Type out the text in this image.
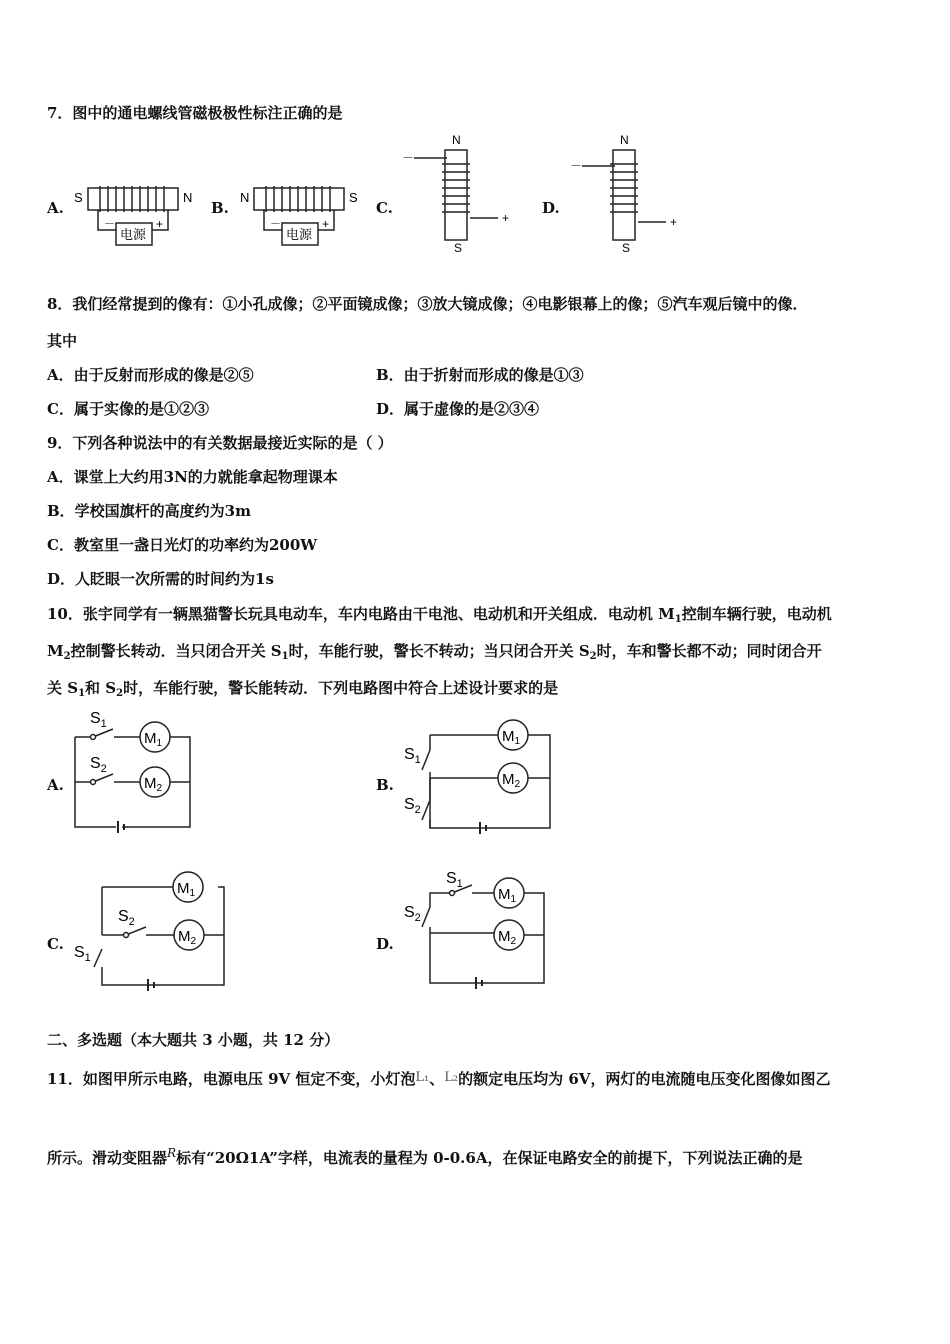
7．图中的通电螺线管磁极极性标注正确的是
A.
S	N
电源
－	+
B.
N	S
电源
－	+
C.
N
－
+
S
D.
N
－
+
S
8．我们经常提到的像有：①小孔成像；②平面镜成像；③放大镜成像；④电影银幕上的像；⑤汽车观后镜中的像．
其中
A．由于反射而形成的像是②⑤	B．由于折射而形成的像是①③
C．属于实像的是①②③	D．属于虚像的是②③④
9．下列各种说法中的有关数据最接近实际的是（ ）
A．课堂上大约用3N的力就能拿起物理课本
B．学校国旗杆的高度约为3m
C．教室里一盏日光灯的功率约为200W
D．人眨眼一次所需的时间约为1s
10．张宇同学有一辆黑猫警长玩具电动车，车内电路由干电池、电动机和开关组成．电动机 $M_1$控制车辆行驶，电动机
$M_2$控制警长转动．当只闭合开关 $S_1$时，车能行驶，警长不转动；当只闭合开关 $S_2$时，车和警长都不动；同时闭合开
关 $S_1$和 $S_2$时，车能行驶，警长能转动．下列电路图中符合上述设计要求的是
A.
$S_1$
$S_2$
$M_1$
$M_2$	B.
$S_1$
$S_2$
$M_1$
$M_2$
C. $S_1$
$S_2$
$M_1$
$M_2$	D.
$S_1$
$S_2$
$M_1$
$M_2$
二、多选题（本大题共 3 小题，共 12 分）
11．如图甲所示电路，电源电压 9V 恒定不变，小灯泡L₁、L₂的额定电压均为 6V，两灯的电流随电压变化图像如图乙
所示。滑动变阻器$^R$标有“20Ω1A”字样，电流表的量程为 0-0.6A，在保证电路安全的前提下，下列说法正确的是
